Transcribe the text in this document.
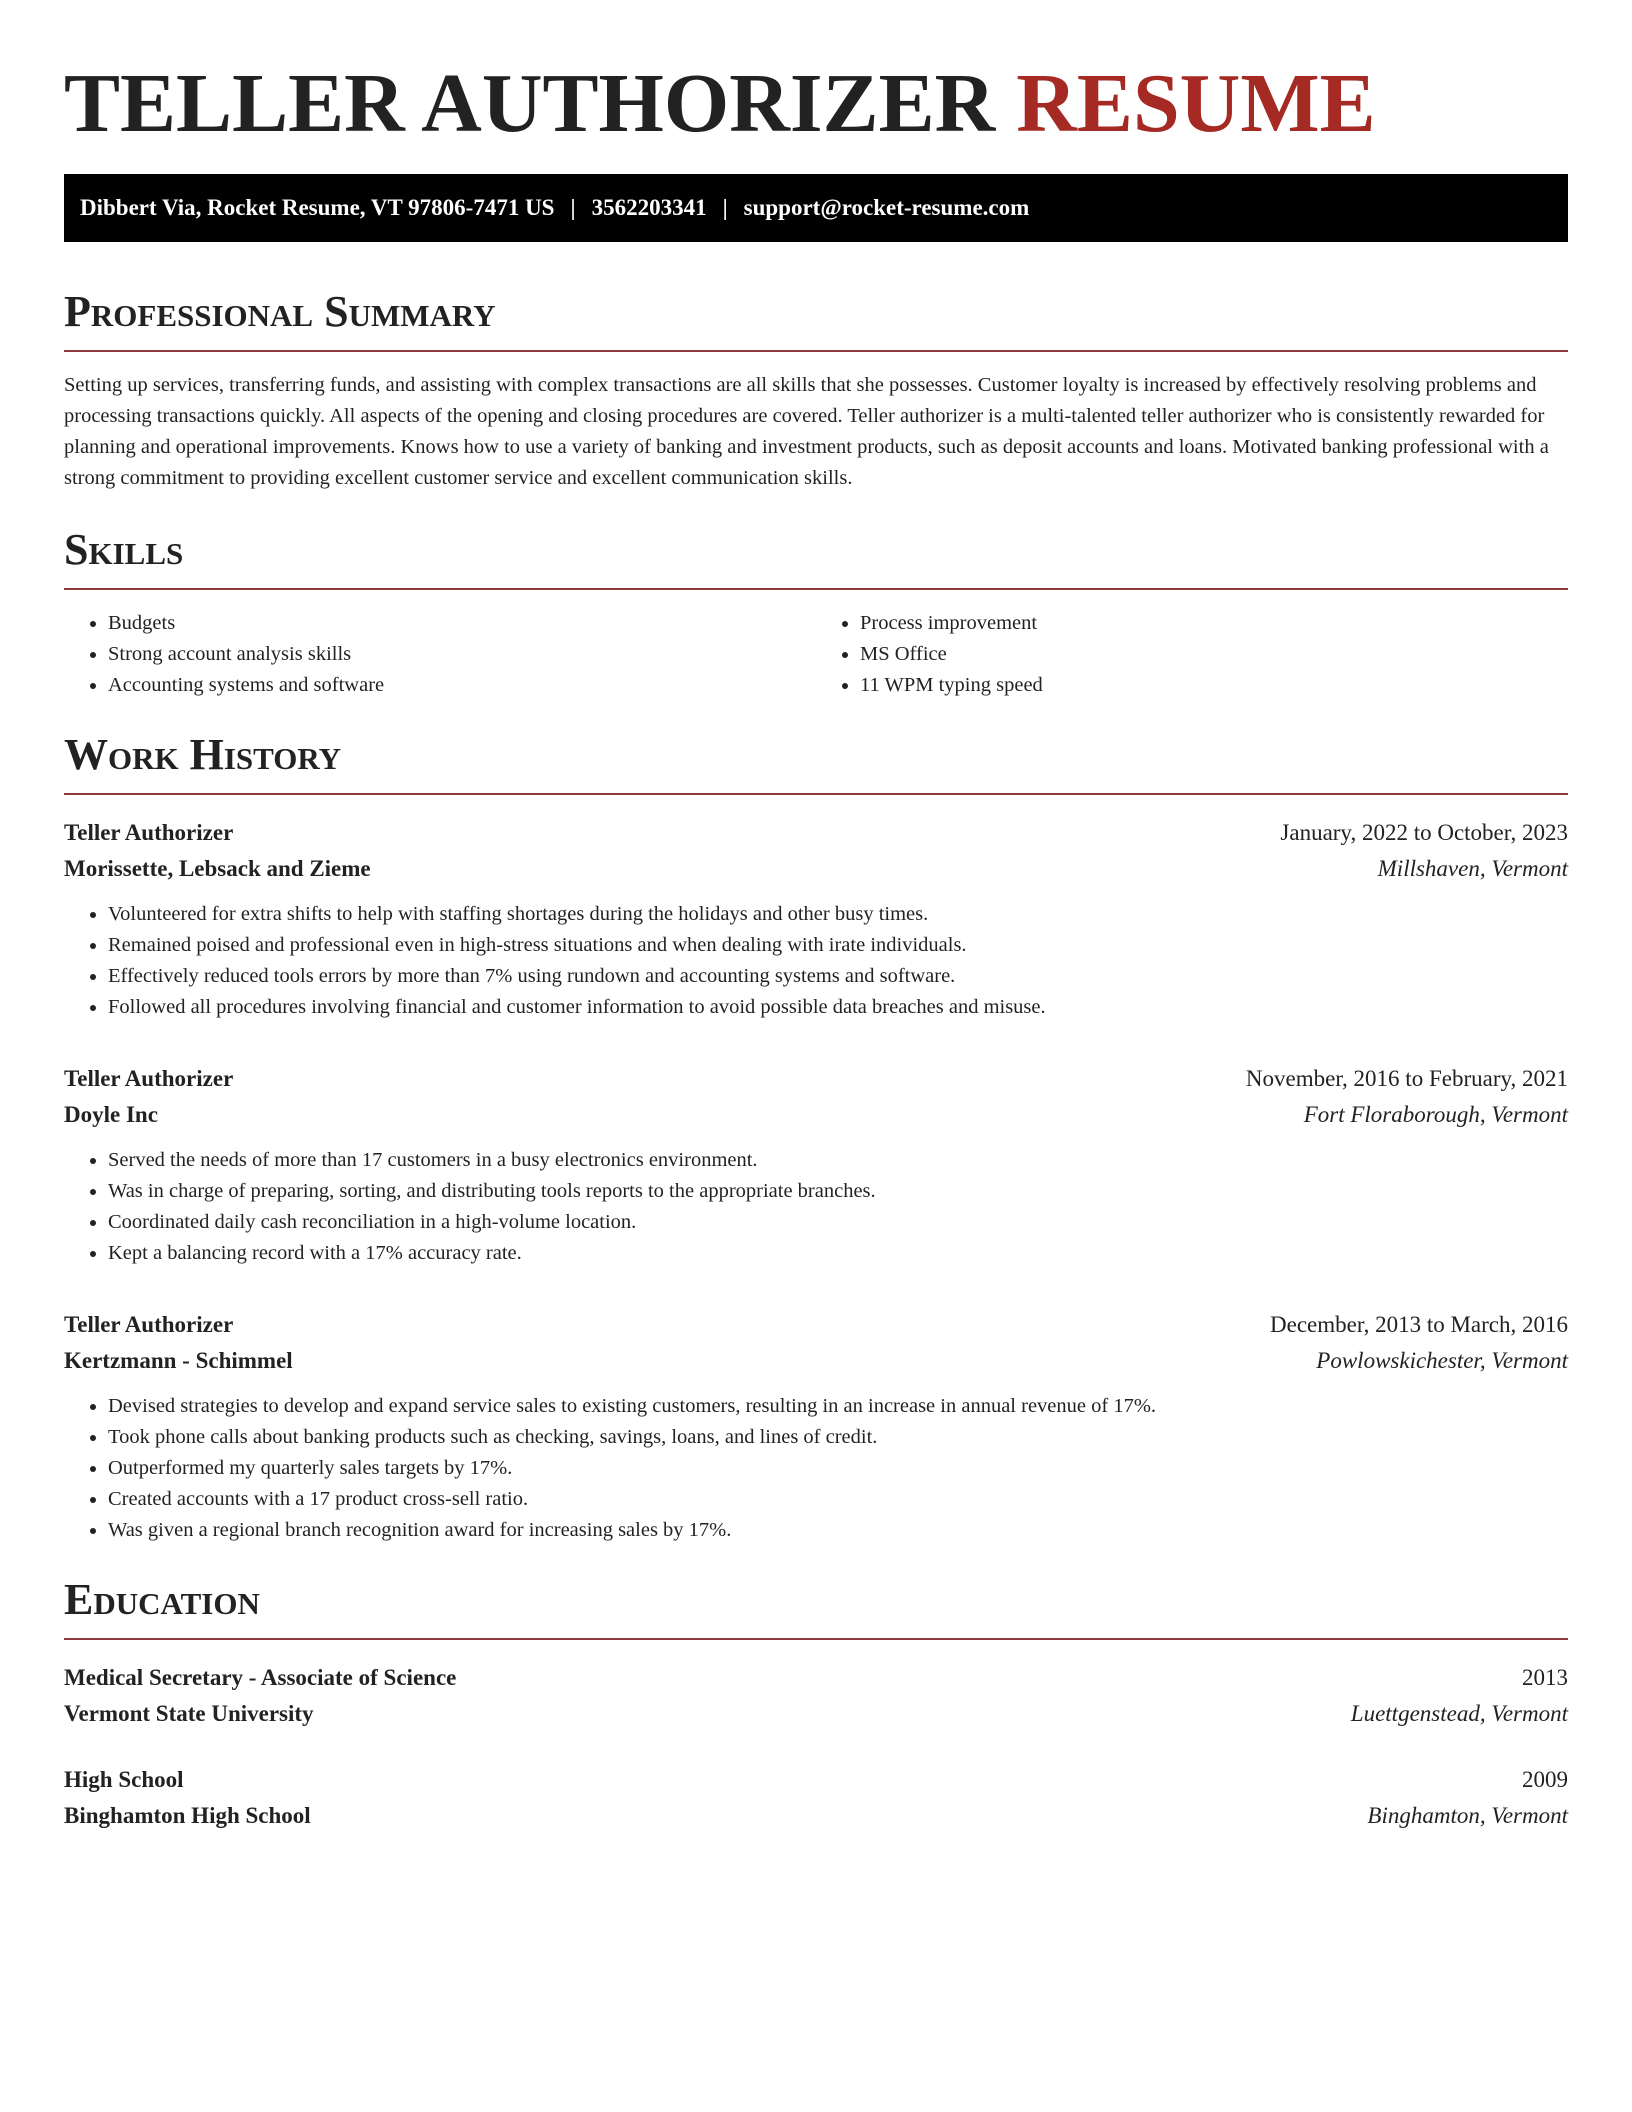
TELLER AUTHORIZER RESUME
Dibbert Via, Rocket Resume, VT 97806-7471 US | 3562203341 | support@rocket-resume.com
Professional Summary

Setting up services, transferring funds, and assisting with complex transactions are all skills that she possesses. Customer loyalty is increased by effectively resolving problems and processing transactions quickly. All aspects of the opening and closing procedures are covered. Teller authorizer is a multi-talented teller authorizer who is consistently rewarded for planning and operational improvements. Knows how to use a variety of banking and investment products, such as deposit accounts and loans. Motivated banking professional with a strong commitment to providing excellent customer service and excellent communication skills.

Skills
• Budgets
• Strong account analysis skills
• Accounting systems and software
• Process improvement
• MS Office
• 11 WPM typing speed
Work History
Teller Authorizer	January, 2022 to October, 2023
Morissette, Lebsack and Zieme	Millshaven, Vermont
• Volunteered for extra shifts to help with staffing shortages during the holidays and other busy times.
• Remained poised and professional even in high-stress situations and when dealing with irate individuals.
• Effectively reduced tools errors by more than 7% using rundown and accounting systems and software.
• Followed all procedures involving financial and customer information to avoid possible data breaches and misuse.
Teller Authorizer	November, 2016 to February, 2021
Doyle Inc	Fort Floraborough, Vermont
• Served the needs of more than 17 customers in a busy electronics environment.
• Was in charge of preparing, sorting, and distributing tools reports to the appropriate branches.
• Coordinated daily cash reconciliation in a high-volume location.
• Kept a balancing record with a 17% accuracy rate.
Teller Authorizer	December, 2013 to March, 2016
Kertzmann - Schimmel	Powlowskichester, Vermont
• Devised strategies to develop and expand service sales to existing customers, resulting in an increase in annual revenue of 17%.
• Took phone calls about banking products such as checking, savings, loans, and lines of credit.
• Outperformed my quarterly sales targets by 17%.
• Created accounts with a 17 product cross-sell ratio.
• Was given a regional branch recognition award for increasing sales by 17%.
Education
Medical Secretary - Associate of Science	2013
Vermont State University	Luettgenstead, Vermont
High School	2009
Binghamton High School	Binghamton, Vermont
